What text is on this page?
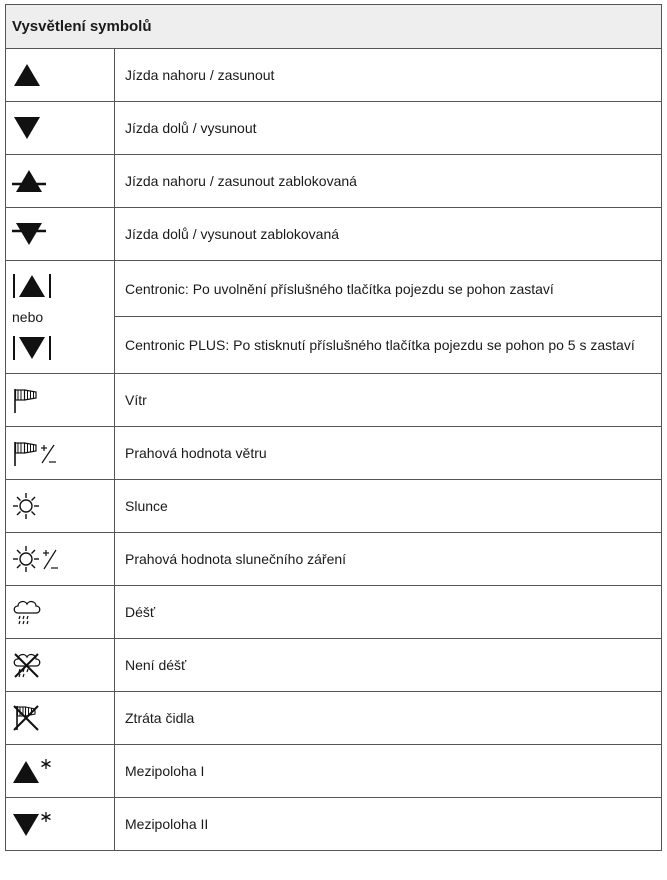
Vysvětlení symbolů	

	Jízda nahoru / zasunout

	Jízda dolů / vysunout

	Jízda nahoru / zasunout zablokovaná

	Jízda dolů / vysunout zablokovaná

nebo	Centronic: Po uvolnění příslušného tlačítka pojezdu se pohon zastaví
	Centronic PLUS: Po stisknutí příslušného tlačítka pojezdu se pohon po 5 s zastaví

	Vítr

	Prahová hodnota větru

	Slunce

	Prahová hodnota slunečního záření

	Déšť

	Není déšť

	Ztráta čidla

	Mezipoloha I

	Mezipoloha II
